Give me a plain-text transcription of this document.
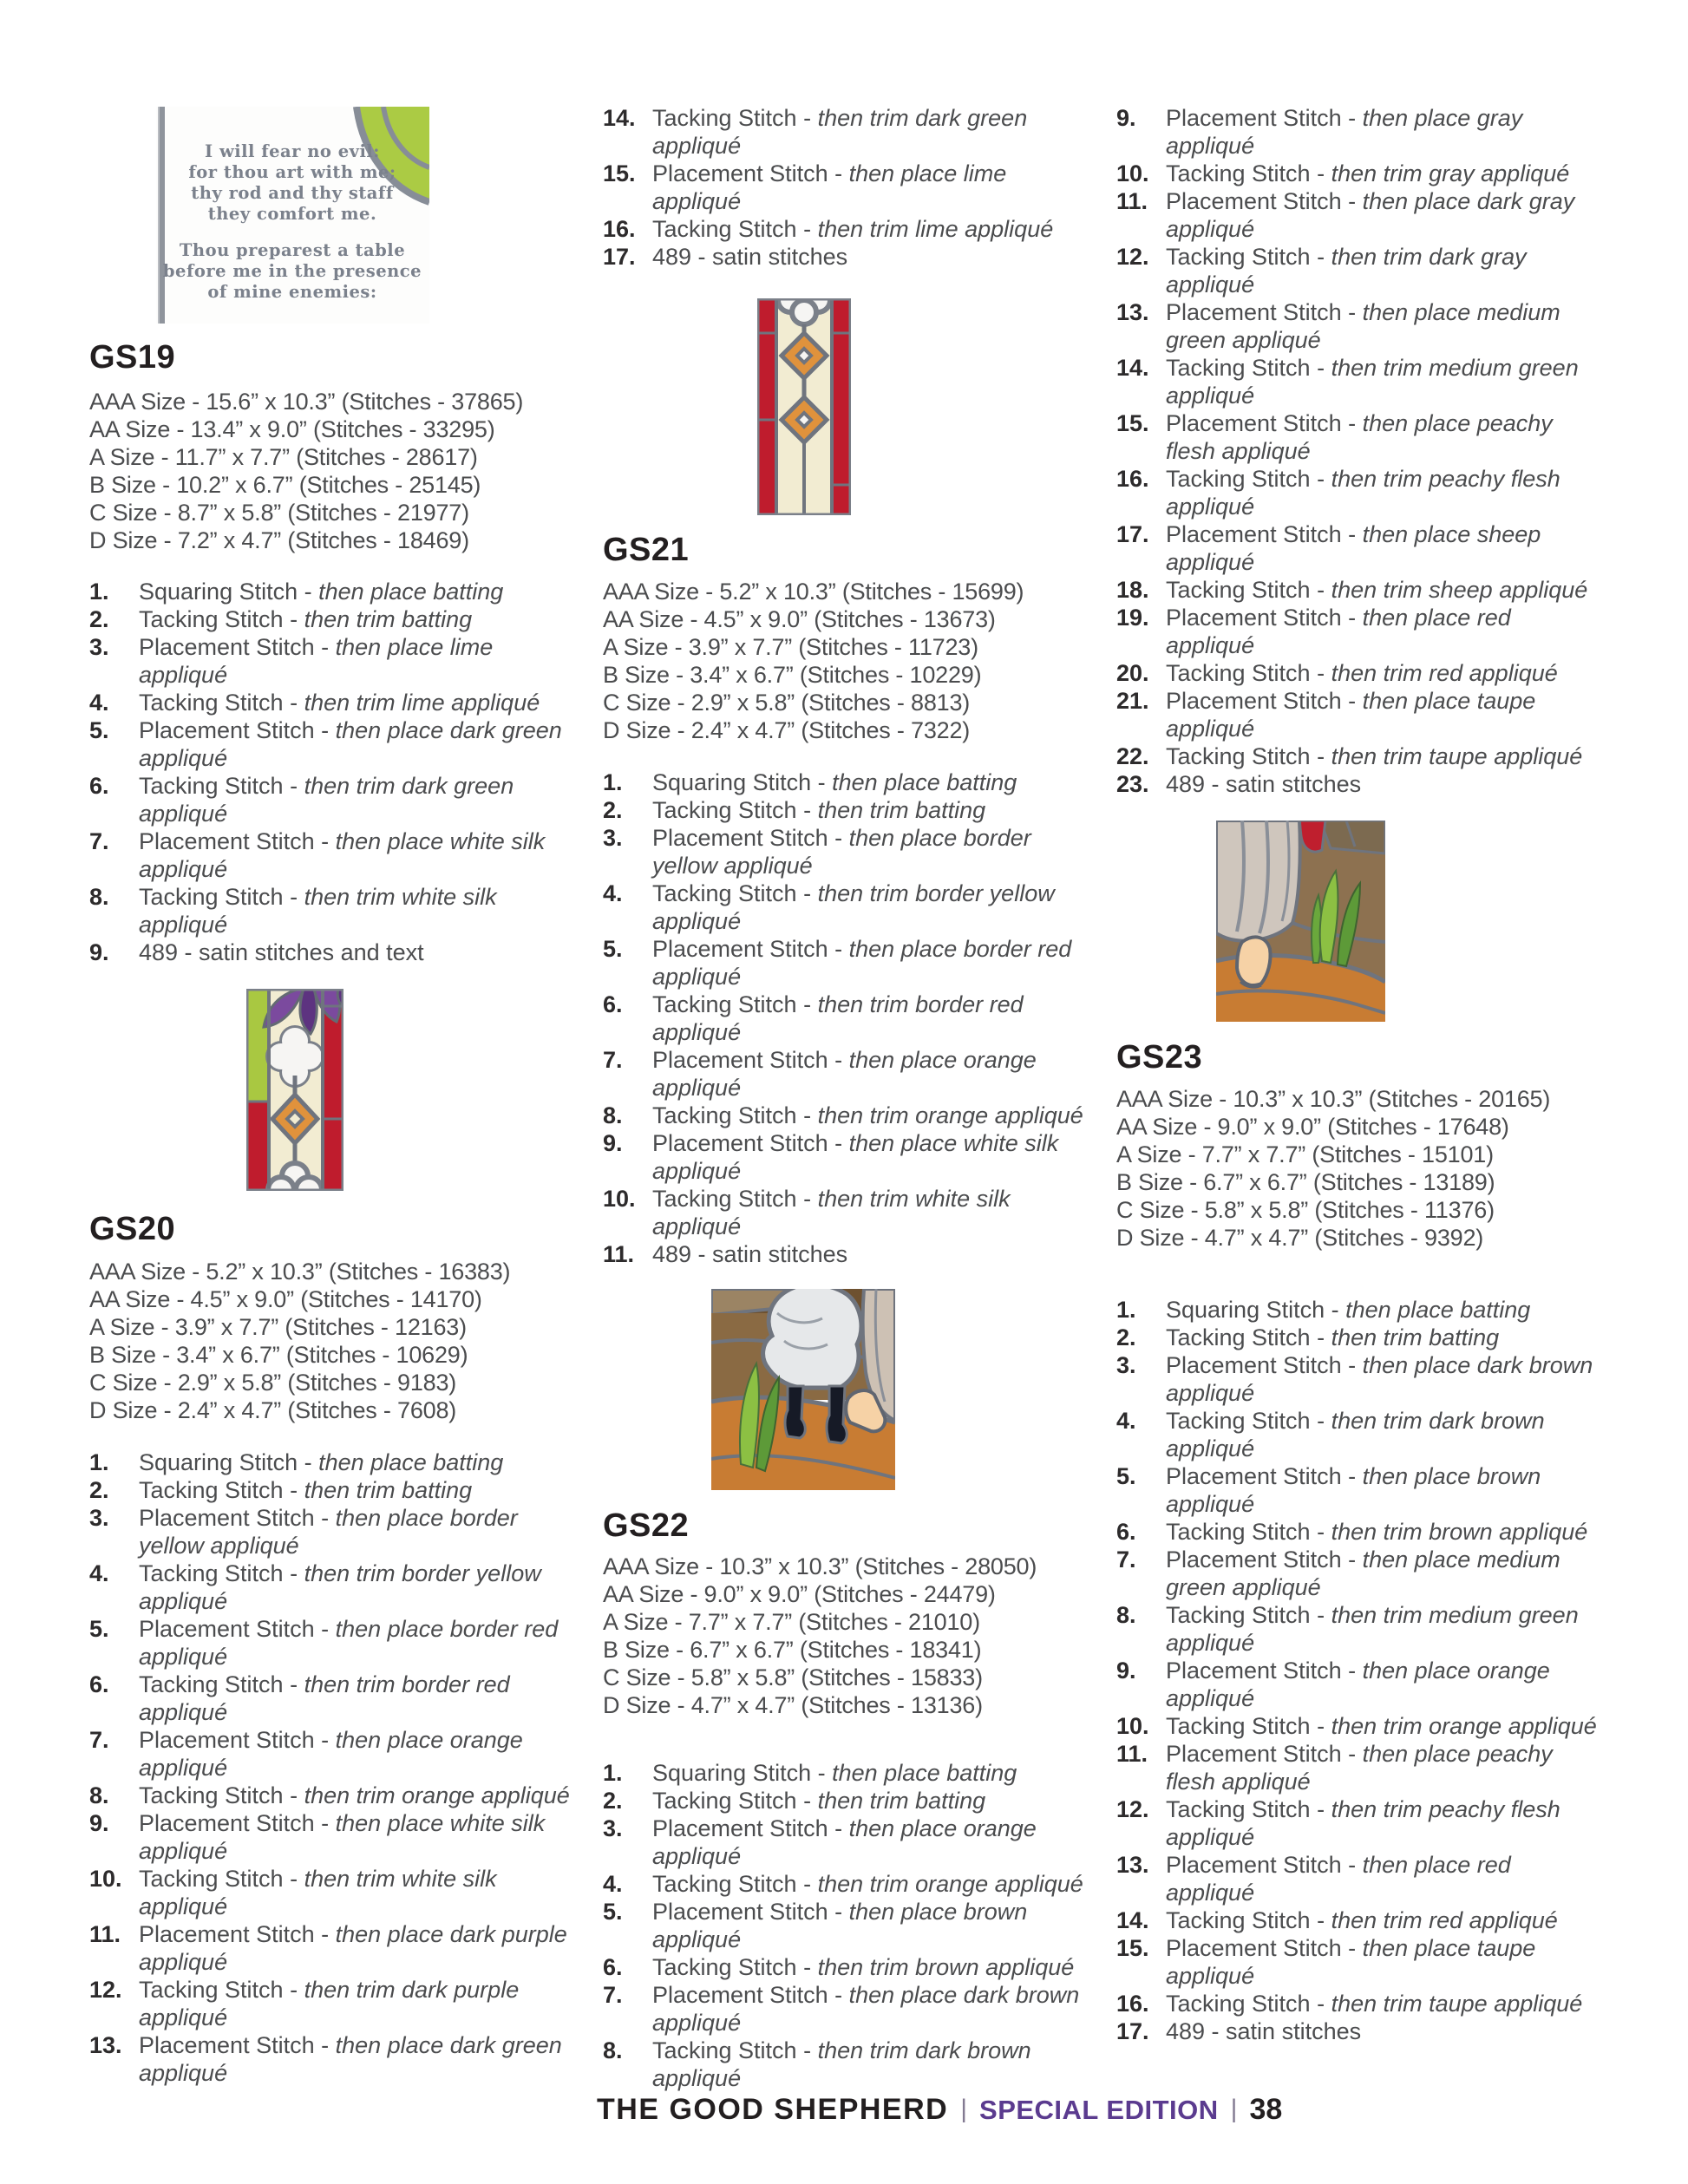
I will fear no evil:
for thou art with me;
thy rod and thy staff
they comfort me.
Thou preparest a table
before me in the presence
of mine enemies:
GS19
AAA Size - 15.6” x 10.3” (Stitches - 37865)
AA Size - 13.4” x 9.0” (Stitches - 33295)
A Size - 11.7” x 7.7” (Stitches - 28617)
B Size - 10.2” x 6.7” (Stitches - 25145)
C Size - 8.7” x 5.8” (Stitches - 21977)
D Size - 7.2” x 4.7” (Stitches - 18469)
1.	Squaring Stitch - then place batting
2.	Tacking Stitch - then trim batting
3.	Placement Stitch - then place lime appliqué
4.	Tacking Stitch - then trim lime appliqué
5.	Placement Stitch - then place dark green appliqué
6.	Tacking Stitch - then trim dark green appliqué
7.	Placement Stitch - then place white silk appliqué
8.	Tacking Stitch - then trim white silk appliqué
9.	489 - satin stitches and text
GS20
AAA Size - 5.2” x 10.3” (Stitches - 16383)
AA Size - 4.5” x 9.0” (Stitches - 14170)
A Size - 3.9” x 7.7” (Stitches - 12163)
B Size - 3.4” x 6.7” (Stitches - 10629)
C Size - 2.9” x 5.8” (Stitches - 9183)
D Size - 2.4” x 4.7” (Stitches - 7608)
1.	Squaring Stitch - then place batting
2.	Tacking Stitch - then trim batting
3.	Placement Stitch - then place border yellow appliqué
4.	Tacking Stitch - then trim border yellow appliqué
5.	Placement Stitch - then place border red appliqué
6.	Tacking Stitch - then trim border red appliqué
7.	Placement Stitch - then place orange appliqué
8.	Tacking Stitch - then trim orange appliqué
9.	Placement Stitch - then place white silk appliqué
10. Tacking Stitch - then trim white silk appliqué
11. Placement Stitch - then place dark purple appliqué
12. Tacking Stitch - then trim dark purple appliqué
13. Placement Stitch - then place dark green appliqué
14. Tacking Stitch - then trim dark green appliqué
15. Placement Stitch - then place lime appliqué
16. Tacking Stitch - then trim lime appliqué
17. 489 - satin stitches
GS21
AAA Size - 5.2” x 10.3” (Stitches - 15699)
AA Size - 4.5” x 9.0” (Stitches - 13673)
A Size - 3.9” x 7.7” (Stitches - 11723)
B Size - 3.4” x 6.7” (Stitches - 10229)
C Size - 2.9” x 5.8” (Stitches - 8813)
D Size - 2.4” x 4.7” (Stitches - 7322)
1.	Squaring Stitch - then place batting
2.	Tacking Stitch - then trim batting
3.	Placement Stitch - then place border yellow appliqué
4.	Tacking Stitch - then trim border yellow appliqué
5.	Placement Stitch - then place border red appliqué
6.	Tacking Stitch - then trim border red appliqué
7.	Placement Stitch - then place orange appliqué
8.	Tacking Stitch - then trim orange appliqué
9.	Placement Stitch - then place white silk appliqué
10. Tacking Stitch - then trim white silk appliqué
11. 489 - satin stitches
GS22
AAA Size - 10.3” x 10.3” (Stitches - 28050)
AA Size - 9.0” x 9.0” (Stitches - 24479)
A Size - 7.7” x 7.7” (Stitches - 21010)
B Size - 6.7” x 6.7” (Stitches - 18341)
C Size - 5.8” x 5.8” (Stitches - 15833)
D Size - 4.7” x 4.7” (Stitches - 13136)
1.	Squaring Stitch - then place batting
2.	Tacking Stitch - then trim batting
3.	Placement Stitch - then place orange appliqué
4.	Tacking Stitch - then trim orange appliqué
5.	Placement Stitch - then place brown appliqué
6.	Tacking Stitch - then trim brown appliqué
7.	Placement Stitch - then place dark brown appliqué
8.	Tacking Stitch - then trim dark brown appliqué
9.	Placement Stitch - then place gray appliqué
10. Tacking Stitch - then trim gray appliqué
11. Placement Stitch - then place dark gray appliqué
12. Tacking Stitch - then trim dark gray appliqué
13. Placement Stitch - then place medium green appliqué
14. Tacking Stitch - then trim medium green appliqué
15. Placement Stitch - then place peachy flesh appliqué
16. Tacking Stitch - then trim peachy flesh appliqué
17. Placement Stitch - then place sheep appliqué
18. Tacking Stitch - then trim sheep appliqué
19. Placement Stitch - then place red appliqué
20. Tacking Stitch - then trim red appliqué
21. Placement Stitch - then place taupe appliqué
22. Tacking Stitch - then trim taupe appliqué
23. 489 - satin stitches
GS23
AAA Size - 10.3” x 10.3” (Stitches - 20165)
AA Size - 9.0” x 9.0” (Stitches - 17648)
A Size - 7.7” x 7.7” (Stitches - 15101)
B Size - 6.7” x 6.7” (Stitches - 13189)
C Size - 5.8” x 5.8” (Stitches - 11376)
D Size - 4.7” x 4.7” (Stitches - 9392)
1.	Squaring Stitch - then place batting
2.	Tacking Stitch - then trim batting
3.	Placement Stitch - then place dark brown appliqué
4.	Tacking Stitch - then trim dark brown appliqué
5.	Placement Stitch - then place brown appliqué
6.	Tacking Stitch - then trim brown appliqué
7.	Placement Stitch - then place medium green appliqué
8.	Tacking Stitch - then trim medium green appliqué
9.	Placement Stitch - then place orange appliqué
10. Tacking Stitch - then trim orange appliqué
11. Placement Stitch - then place peachy flesh appliqué
12. Tacking Stitch - then trim peachy flesh appliqué
13. Placement Stitch - then place red appliqué
14. Tacking Stitch - then trim red appliqué
15. Placement Stitch - then place taupe appliqué
16. Tacking Stitch - then trim taupe appliqué
17. 489 - satin stitches
THE GOOD SHEPHERD | SPECIAL EDITION | 38
